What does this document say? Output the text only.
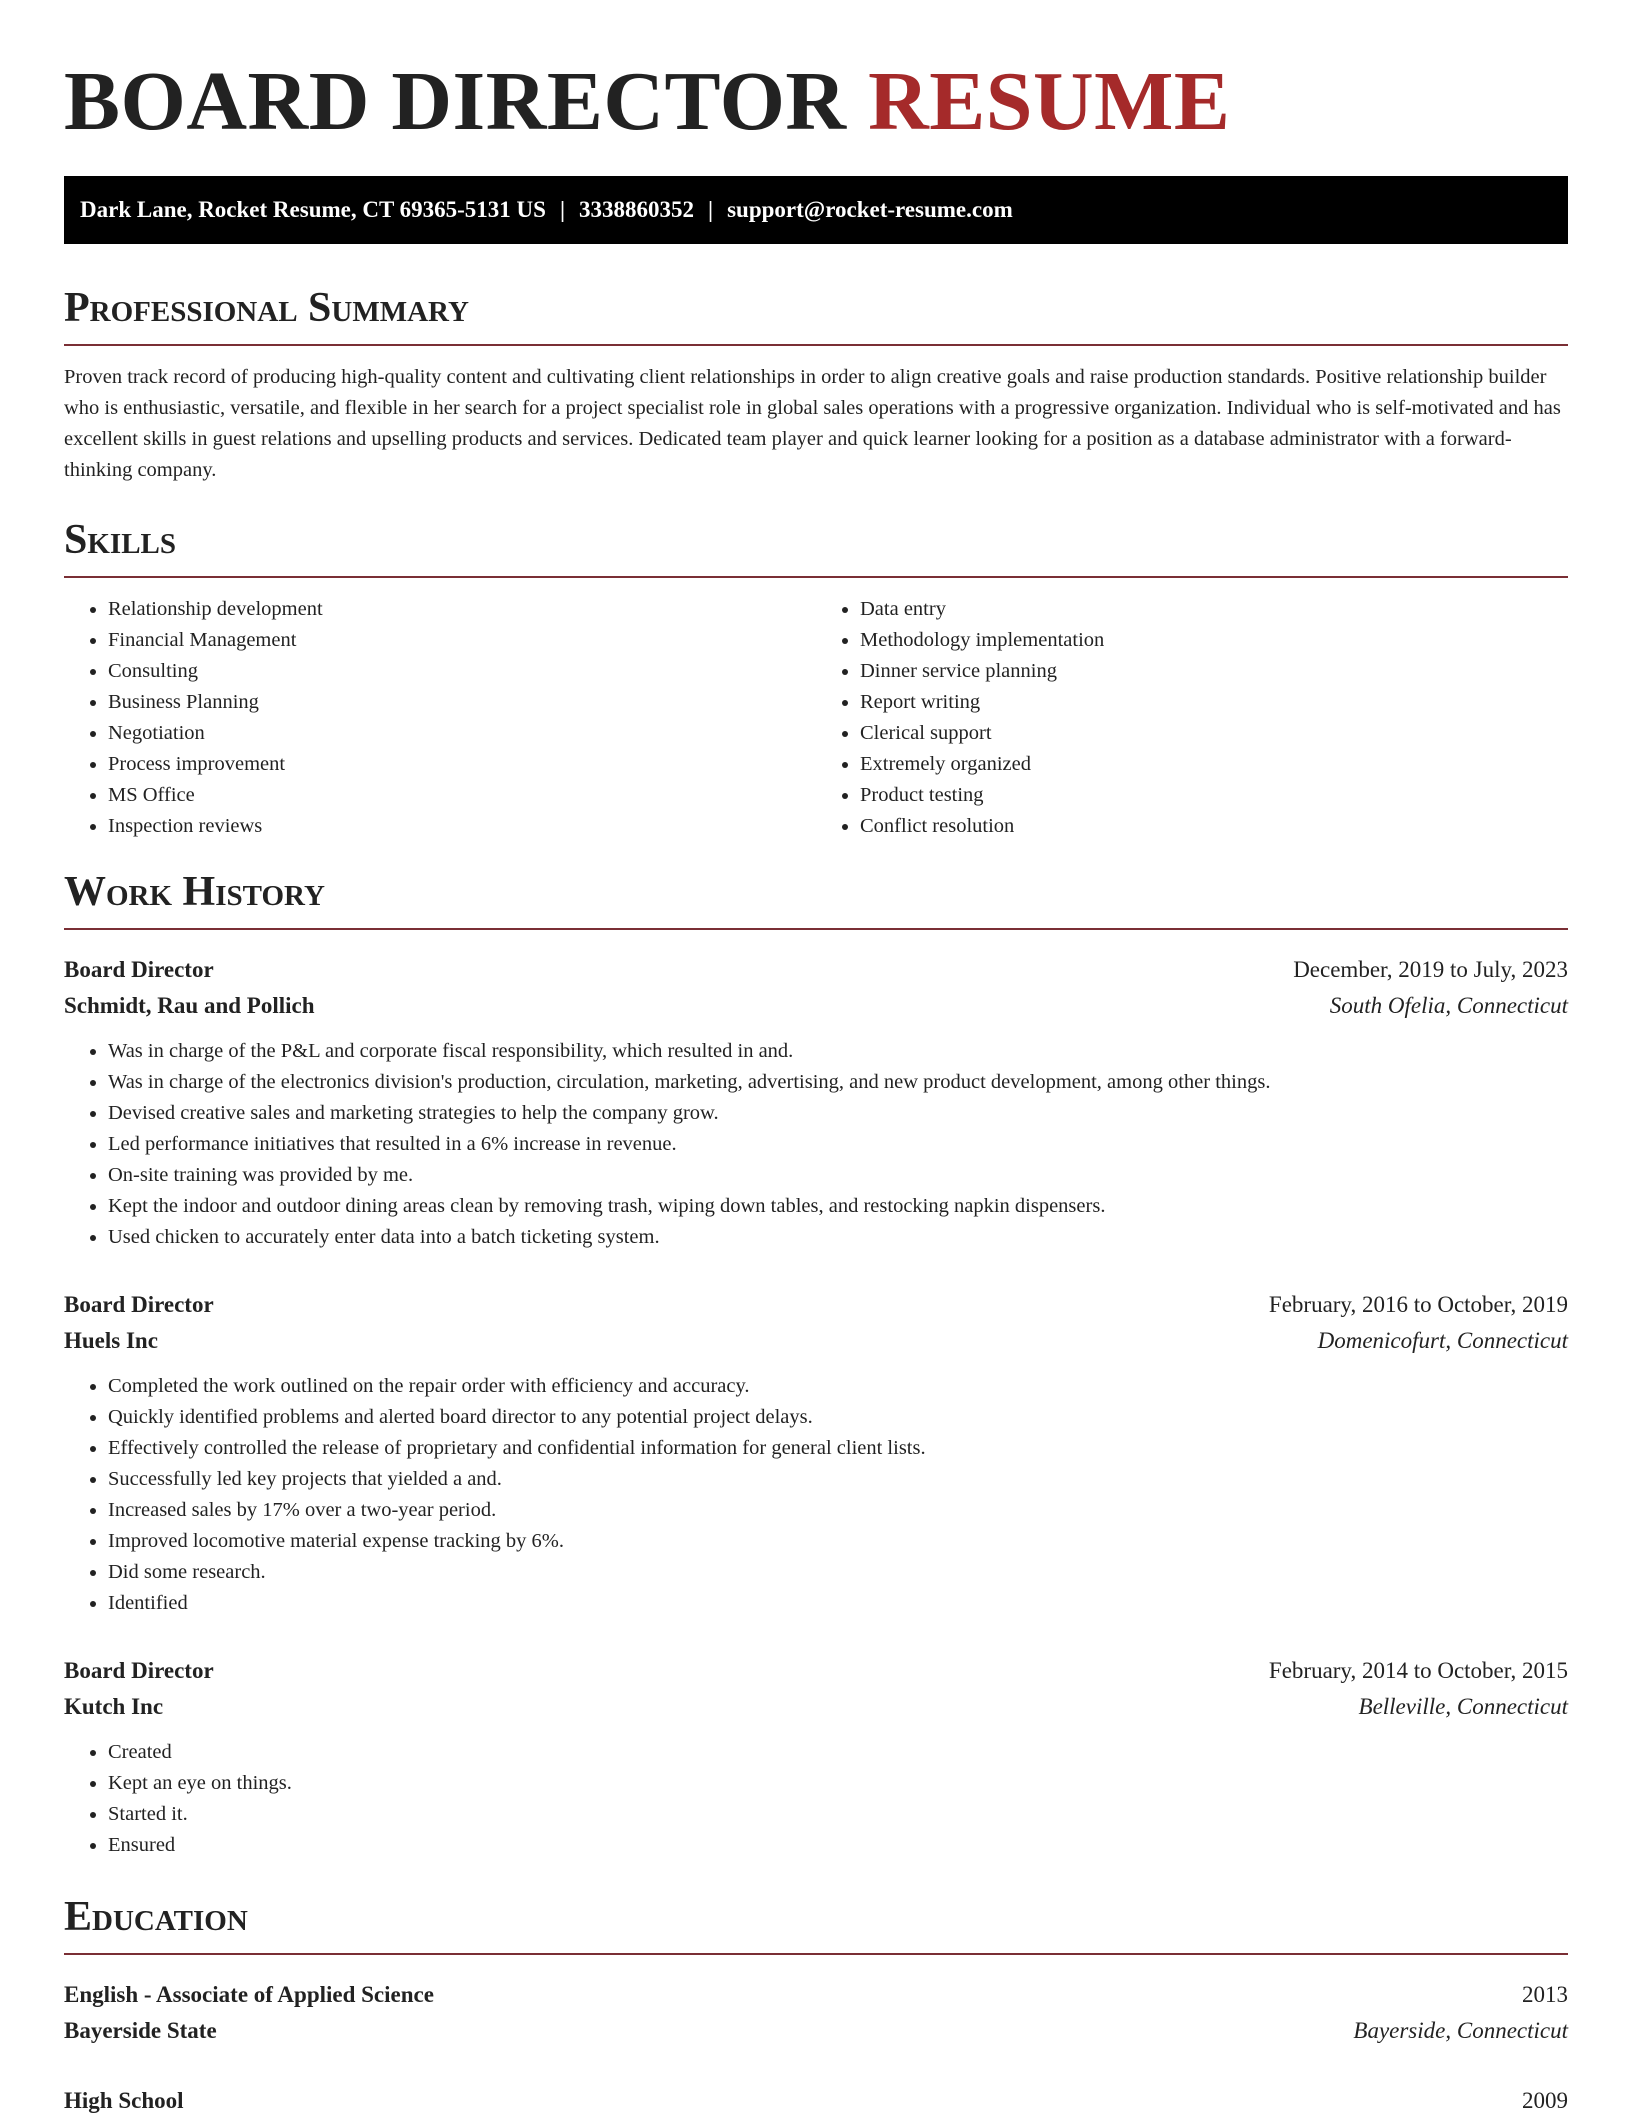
BOARD DIRECTOR RESUME
Dark Lane, Rocket Resume, CT 69365-5131 US | 3338860352 | support@rocket-resume.com
Professional Summary

Proven track record of producing high-quality content and cultivating client relationships in order to align creative goals and raise production standards. Positive relationship builder who is enthusiastic, versatile, and flexible in her search for a project specialist role in global sales operations with a progressive organization. Individual who is self-motivated and has excellent skills in guest relations and upselling products and services. Dedicated team player and quick learner looking for a position as a database administrator with a forward-thinking company.

Skills
• Relationship development
• Financial Management
• Consulting
• Business Planning
• Negotiation
• Process improvement
• MS Office
• Inspection reviews
• Data entry
• Methodology implementation
• Dinner service planning
• Report writing
• Clerical support
• Extremely organized
• Product testing
• Conflict resolution
Work History
Board Director	December, 2019 to July, 2023
Schmidt, Rau and Pollich	South Ofelia, Connecticut
• Was in charge of the P&L and corporate fiscal responsibility, which resulted in and.
• Was in charge of the electronics division's production, circulation, marketing, advertising, and new product development, among other things.
• Devised creative sales and marketing strategies to help the company grow.
• Led performance initiatives that resulted in a 6% increase in revenue.
• On-site training was provided by me.
• Kept the indoor and outdoor dining areas clean by removing trash, wiping down tables, and restocking napkin dispensers.
• Used chicken to accurately enter data into a batch ticketing system.
Board Director	February, 2016 to October, 2019
Huels Inc	Domenicofurt, Connecticut
• Completed the work outlined on the repair order with efficiency and accuracy.
• Quickly identified problems and alerted board director to any potential project delays.
• Effectively controlled the release of proprietary and confidential information for general client lists.
• Successfully led key projects that yielded a and.
• Increased sales by 17% over a two-year period.
• Improved locomotive material expense tracking by 6%.
• Did some research.
• Identified
Board Director	February, 2014 to October, 2015
Kutch Inc	Belleville, Connecticut
• Created
• Kept an eye on things.
• Started it.
• Ensured
Education
English - Associate of Applied Science	2013
Bayerside State	Bayerside, Connecticut
High School	2009
